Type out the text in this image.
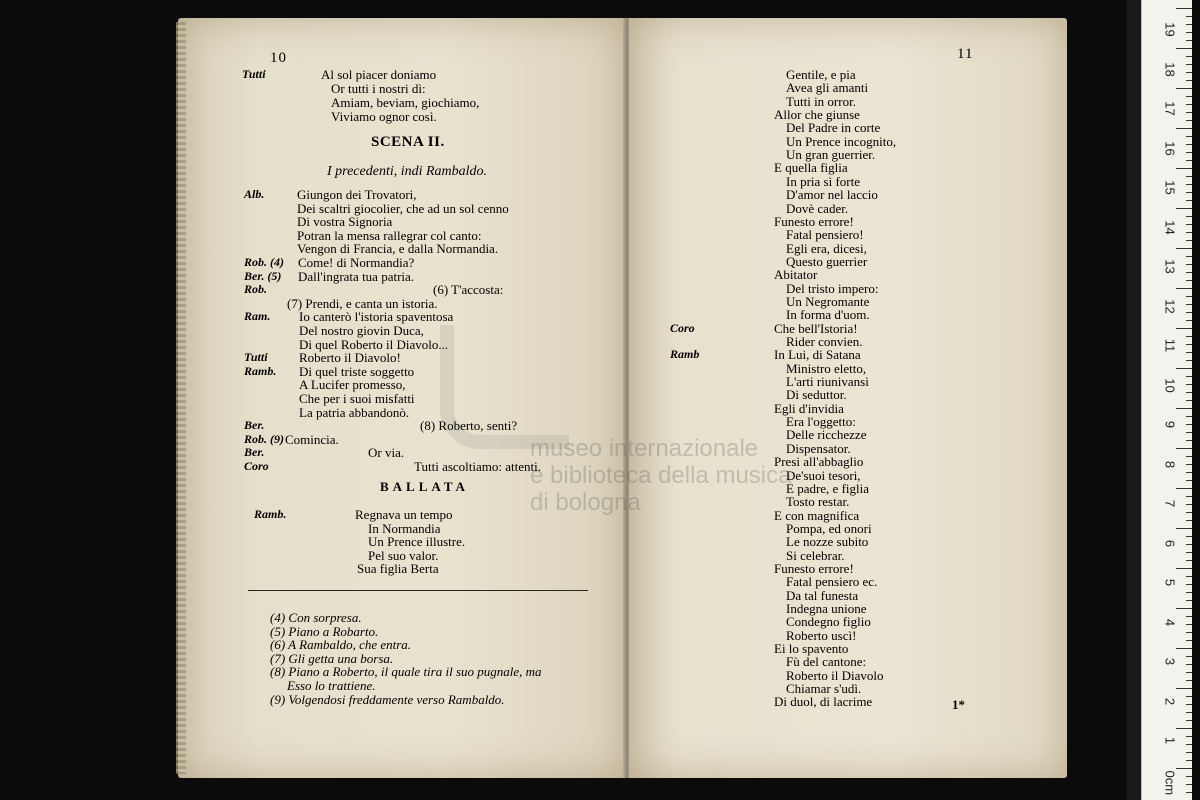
museo internazionale
e biblioteca della musica
di bologna
10	11
Tutti	Al sol piacer doniamo
Or tutti i nostri dì:
Amiam, beviam, giochiamo,
Viviamo ognor così.
Alb.	Giungon dei Trovatori,
Dei scaltri giocolier, che ad un sol cenno
Di vostra Signoria
Potran la mensa rallegrar col canto:
Vengon di Francia, e dalla Normandia.
Rob. (4) Come! di Normandia?
Ber. (5) Dall'ingrata tua patria.
Rob.	(6) T'accosta:
(7) Prendi, e canta un istoria.
Ram. Io canterò l'istoria spaventosa
Del nostro giovin Duca,
Di quel Roberto il Diavolo...
Tutti Roberto il Diavolo!
Ramb. Di quel triste soggetto
A Lucifer promesso,
Che per i suoi misfatti
La patria abbandonò.
Ber.	(8) Roberto, senti?
Rob. (9) Comincia.
Ber.	Or via.
Coro	Tutti ascoltiamo: attenti.
Ramb.	Regnava un tempo
In Normandia
Un Prence illustre.
Pel suo valor.
Sua figlia Berta
(4) Con sorpresa.
(5) Piano a Robarto.
(6) A Rambaldo, che entra.
(7) Gli getta una borsa.
(8) Piano a Roberto, il quale tira il suo pugnale, ma
Esso lo trattiene.
(9) Volgendosi freddamente verso Rambaldo.
Gentile, e pia
Avea gli amanti
Tutti in orror.
Allor che giunse
Del Padre in corte
Un Prence incognito,
Un gran guerrier.
E quella figlia
In pria sì forte
D'amor nel laccio
Dovè cader.
Funesto errore!
Fatal pensiero!
Egli era, dicesi,
Questo guerrier
Abitator
Del tristo impero:
Un Negromante
In forma d'uom.
Coro	Che bell'Istoria!
Rider convien.
Ramb	In Lui, di Satana
Ministro eletto,
L'arti riunivansi
Di seduttor.
Egli d'invidia
Era l'oggetto:
Delle ricchezze
Dispensator.
Presi all'abbaglio
De'suoi tesori,
E padre, e figlia
Tosto restar.
E con magnifica
Pompa, ed onori
Le nozze subito
Si celebrar.
Funesto errore!
Fatal pensiero ec.
Da tal funesta
Indegna unione
Condegno figlio
Roberto uscì!
Ei lo spavento
Fù del cantone:
Roberto il Diavolo
Chiamar s'udì.
Di duol, di lacrime
SCENA II.
I precedenti, indi Rambaldo.
BALLATA
1*
19
18
17
16
15
14
13
12
11
10
9
8
7
6
5
4
3
2
1
0cm
